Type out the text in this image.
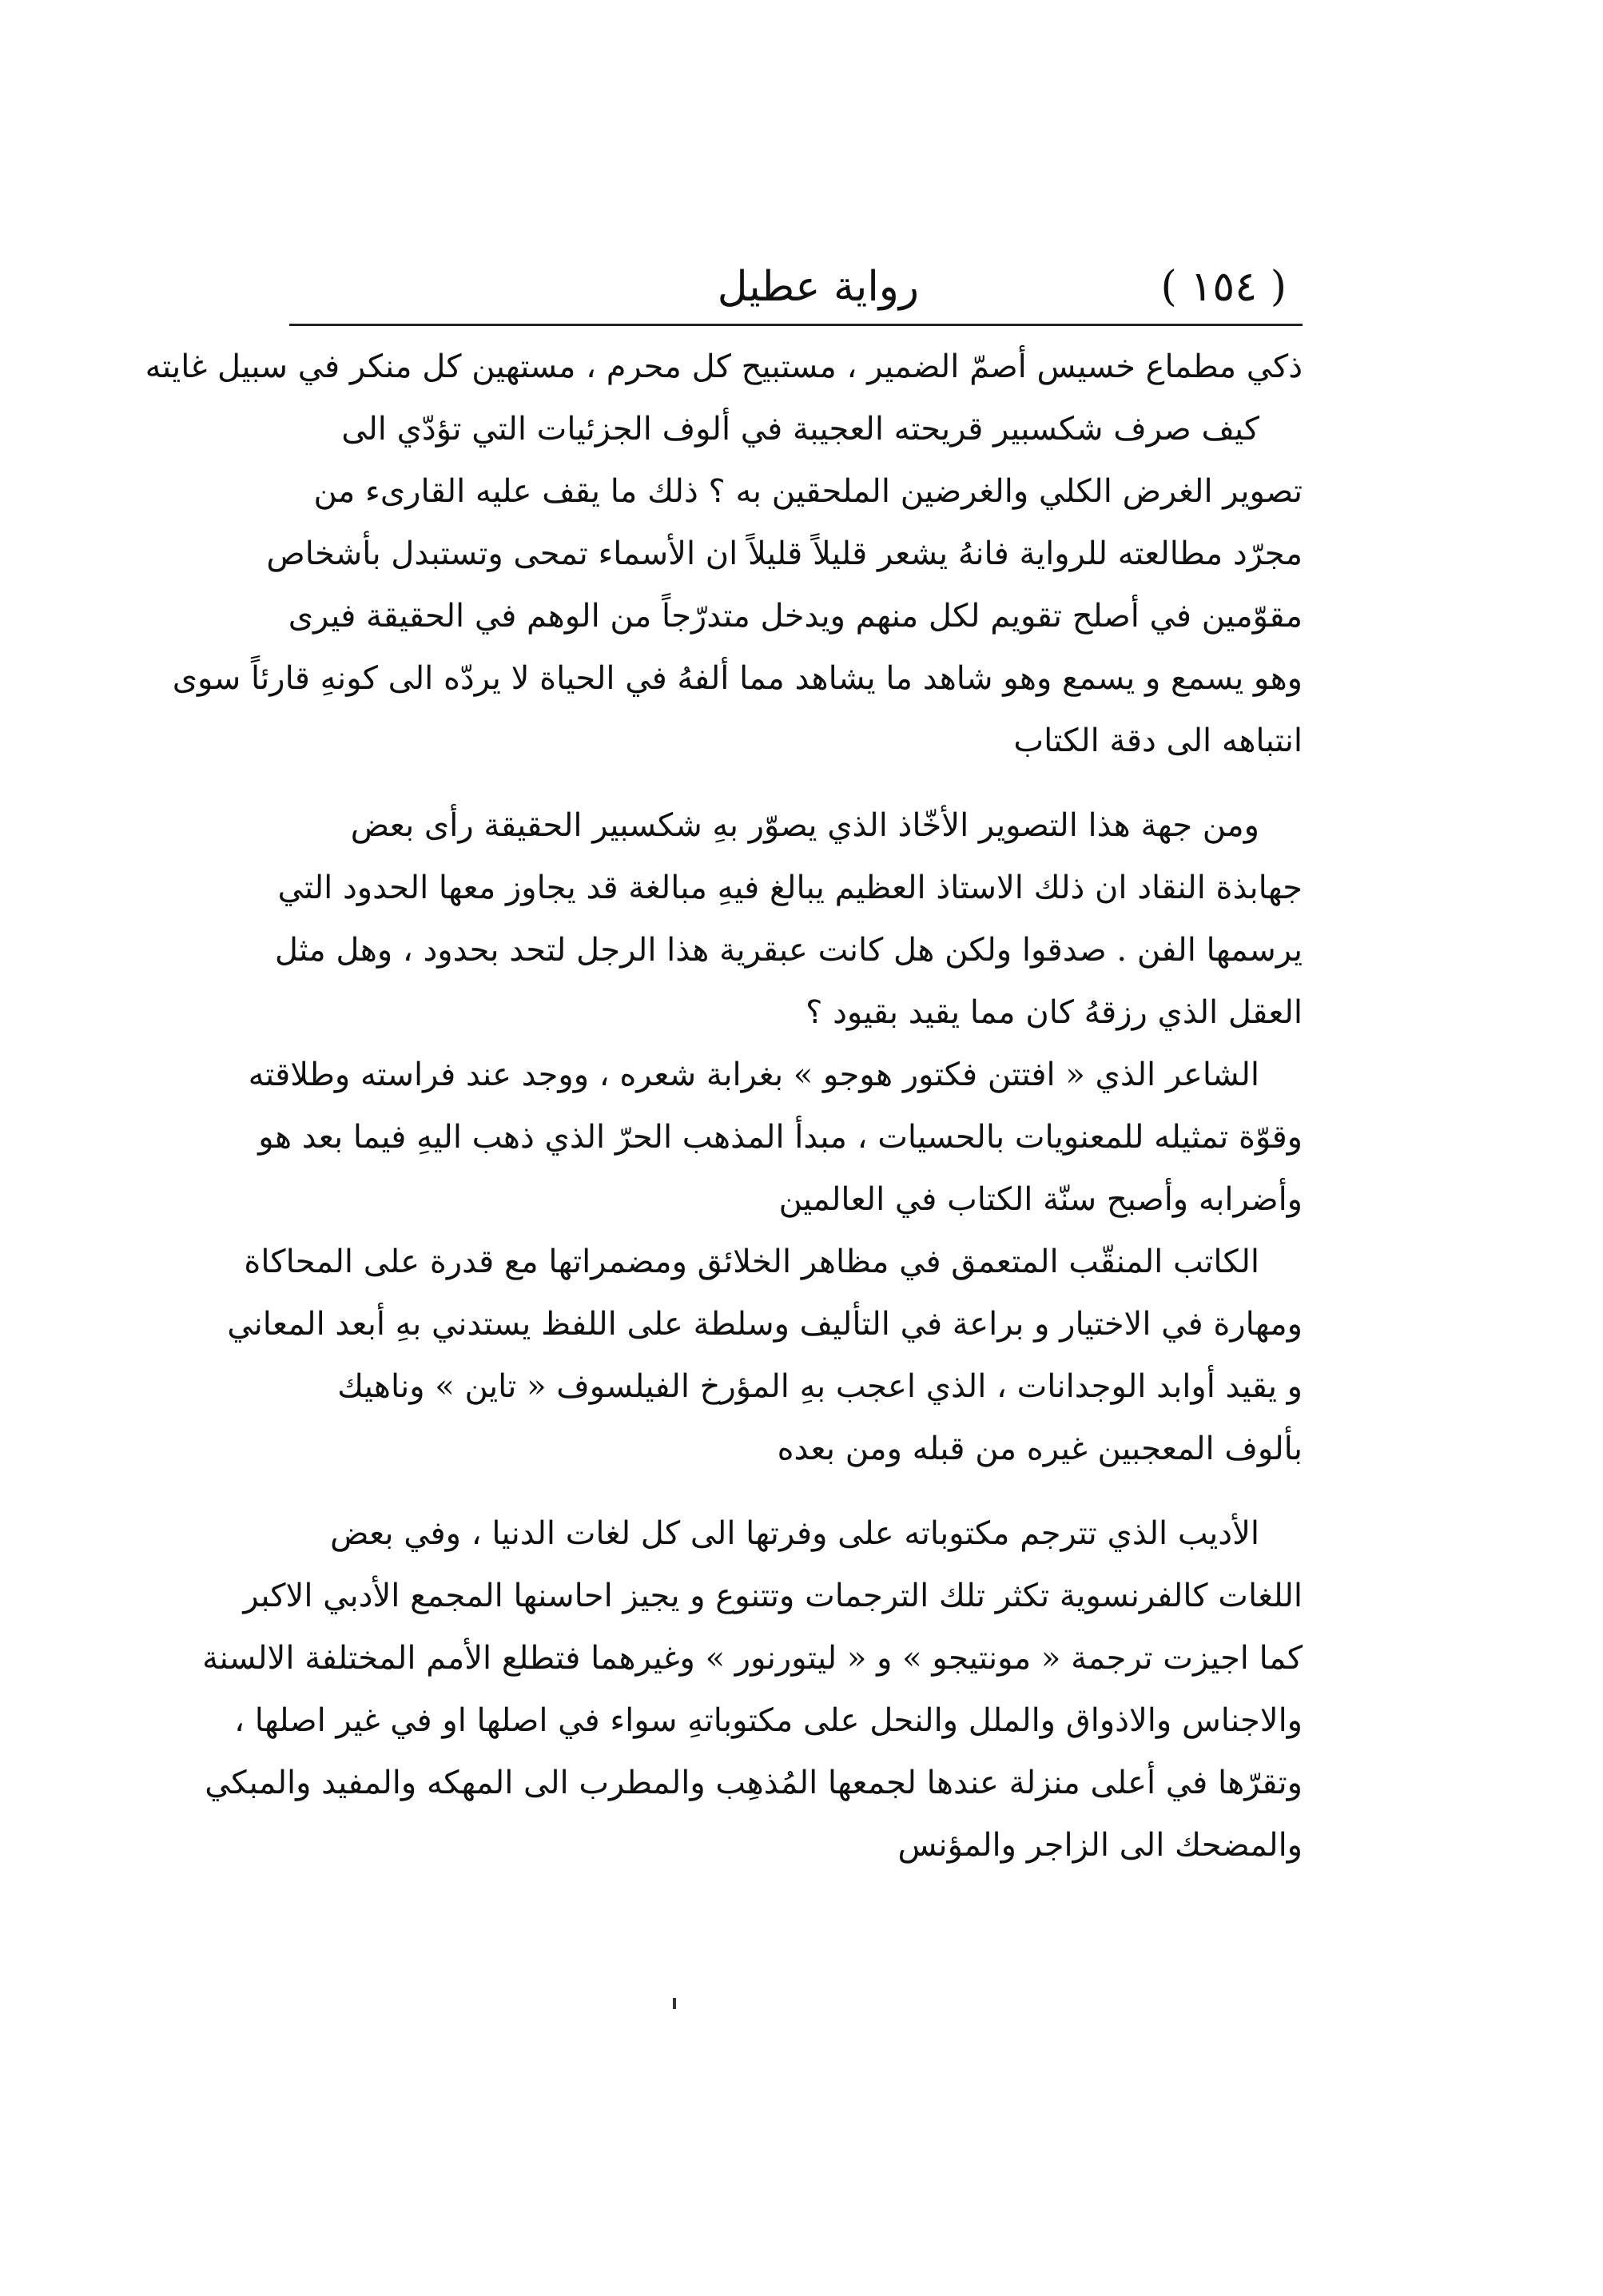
( ١٥٤ )
رواية عطيل
ذكي مطماع خسيس أصمّ الضمير ، مستبيح كل محرم ، مستهين كل منكر في سبيل غايته
كيف صرف شكسبير قريحته العجيبة في ألوف الجزئيات التي تؤدّي الى
تصوير الغرض الكلي والغرضين الملحقين به ؟ ذلك ما يقف عليه القارىء من
مجرّد مطالعته للرواية فانهُ يشعر قليلاً قليلاً ان الأسماء تمحى وتستبدل بأشخاص
مقوّمين في أصلح تقويم لكل منهم ويدخل متدرّجاً من الوهم في الحقيقة فيرى
وهو يسمع و يسمع وهو شاهد ما يشاهد مما ألفهُ في الحياة لا يردّه الى كونهِ قارئاً سوى
انتباهه الى دقة الكتاب
ومن جهة هذا التصوير الأخّاذ الذي يصوّر بهِ شكسبير الحقيقة رأى بعض
جهابذة النقاد ان ذلك الاستاذ العظيم يبالغ فيهِ مبالغة قد يجاوز معها الحدود التي
يرسمها الفن . صدقوا ولكن هل كانت عبقرية هذا الرجل لتحد بحدود ، وهل مثل
العقل الذي رزقهُ كان مما يقيد بقيود ؟
الشاعر الذي « افتتن فكتور هوجو » بغرابة شعره ، ووجد عند فراسته وطلاقته
وقوّة تمثيله للمعنويات بالحسيات ، مبدأ المذهب الحرّ الذي ذهب اليهِ فيما بعد هو
وأضرابه وأصبح سنّة الكتاب في العالمين
الكاتب المنقّب المتعمق في مظاهر الخلائق ومضمراتها مع قدرة على المحاكاة
ومهارة في الاختيار و براعة في التأليف وسلطة على اللفظ يستدني بهِ أبعد المعاني
و يقيد أوابد الوجدانات ، الذي اعجب بهِ المؤرخ الفيلسوف « تاين » وناهيك
بألوف المعجبين غيره من قبله ومن بعده
الأديب الذي تترجم مكتوباته على وفرتها الى كل لغات الدنيا ، وفي بعض
اللغات كالفرنسوية تكثر تلك الترجمات وتتنوع و يجيز احاسنها المجمع الأدبي الاكبر
كما اجيزت ترجمة « مونتيجو » و « ليتورنور » وغيرهما فتطلع الأمم المختلفة الالسنة
والاجناس والاذواق والملل والنحل على مكتوباتهِ سواء في اصلها او في غير اصلها ،
وتقرّها في أعلى منزلة عندها لجمعها المُذهِب والمطرب الى المهكه والمفيد والمبكي
والمضحك الى الزاجر والمؤنس
